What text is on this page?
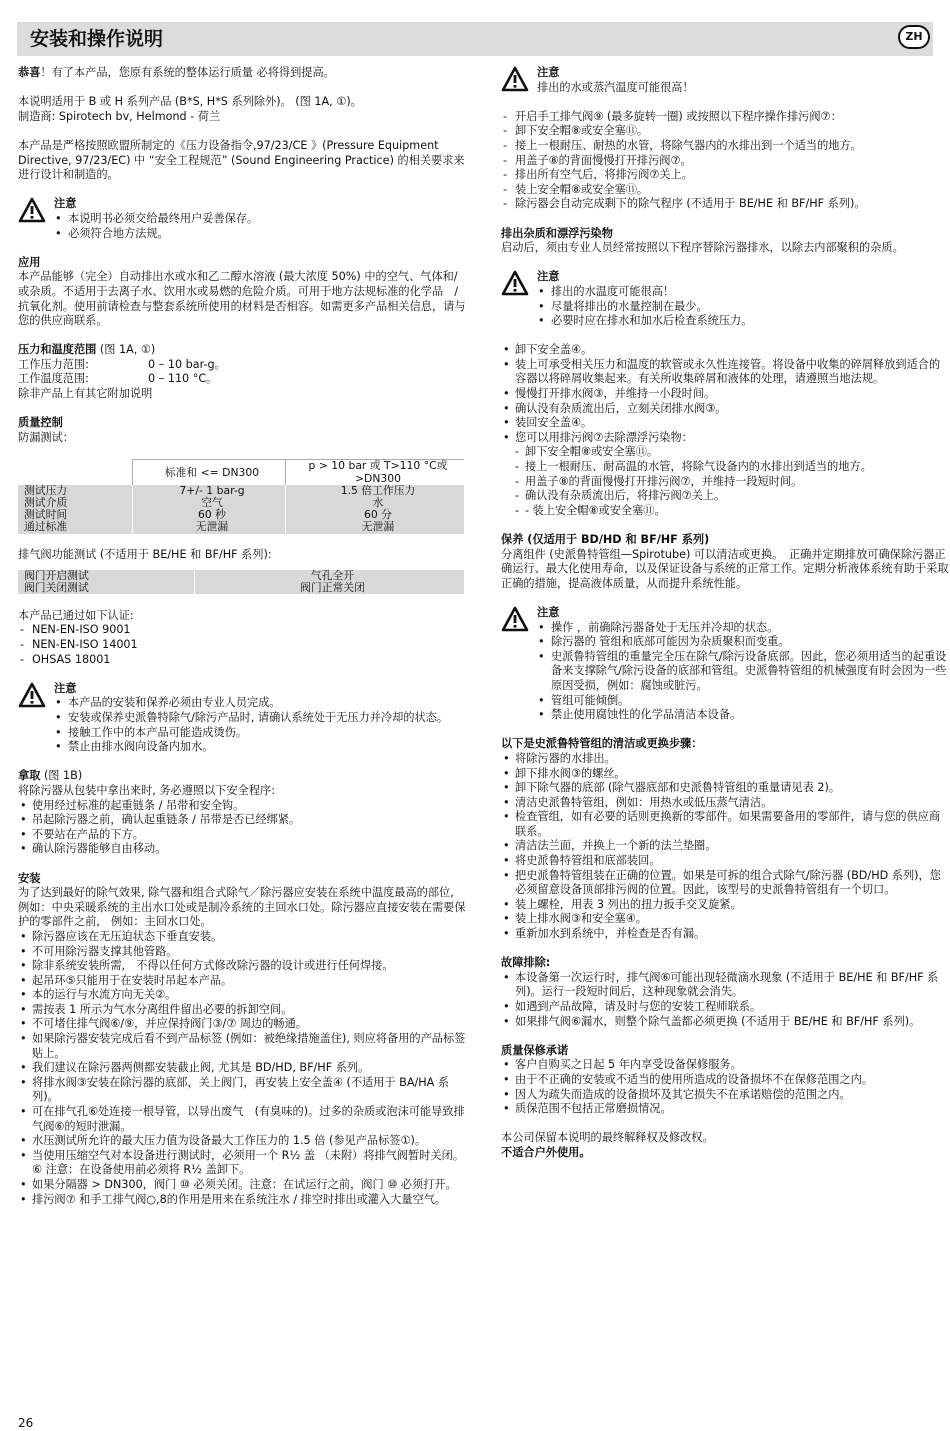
安装和操作说明	ZH

恭喜！有了本产品，您原有系统的整体运行质量 必将得到提高。

本说明适用于 B 或 H 系列产品 (B*S, H*S 系列除外)。 (图 1A, ①)。

制造商: Spirotech bv, Helmond - 荷兰

本产品是严格按照欧盟所制定的《压力设备指令,97/23/CE 》(Pressure Equipment Directive, 97/23/EC) 中 “安全工程规范” (Sound Engineering Practice) 的相关要求来进行设计和制造的。

注意

• 本说明书必须交给最终用户妥善保存。
• 必须符合地方法规。

应用

本产品能够（完全）自动排出水或水和乙二醇水溶液 (最大浓度 50%) 中的空气、气体和/或杂质。不适用于去离子水、饮用水或易燃的危险介质。可用于地方法规标准的化学品　/　抗氧化剂。使用前请检查与整套系统所使用的材料是否相容。如需更多产品相关信息，请与您的供应商联系。

压力和温度范围 (图 1A, ①)

工作压力范围:	0 – 10 bar-g。
工作温度范围:	0 – 110 °C。

除非产品上有其它附加说明

质量控制

防漏测试：

	标准和 <= DN300	p > 10 bar 或 T>110 °C或 >DN300
测试压力	7+/- 1 bar-g	1.5 倍工作压力
测试介质	空气	水
测试时间	60 秒	60 分
通过标准	无泄漏	无泄漏

排气阀功能测试 (不适用于 BE/HE 和 BF/HF 系列):

阀门开启测试	气孔全开
阀门关闭测试	阀门正常关闭

本产品已通过如下认证:

- NEN-EN-ISO 9001
- NEN-EN-ISO 14001
- OHSAS 18001

注意

• 本产品的安装和保养必须由专业人员完成。
• 安装或保养史派鲁特除气/除污产品时, 请确认系统处于无压力并冷却的状态。
• 接触工作中的本产品可能造成烫伤。
• 禁止由排水阀向设备内加水。

拿取 (图 1B)

将除污器从包装中拿出来时, 务必遵照以下安全程序:

• 使用经过标准的起重链条 / 吊带和安全钩。
• 吊起除污器之前，确认起重链条 / 吊带是否已经绑紧。
• 不要站在产品的下方。
• 确认除污器能够自由移动。

安装

为了达到最好的除气效果, 除气器和组合式除气／除污器应安装在系统中温度最高的部位,　例如：中央采暖系统的主出水口处或是制冷系统的主回水口处。除污器应直接安装在需要保护的零部件之前,　例如：主回水口处。

• 除污器应该在无压迫状态下垂直安装。
• 不可用除污器支撑其他管路。
• 除非系统安装所需,　不得以任何方式修改除污器的设计或进行任何焊接。
• 起吊环⑤只能用于在安装时吊起本产品。
• 本的运行与水流方向无关②。
• 需按表 1 所示为气水分离组件留出必要的拆卸空间。
• 不可堵住排气阀⑥/⑨，并应保持阀门③/⑦ 周边的畅通。
• 如果除污器安装完成后看不到产品标签 (例如：被绝缘措施盖住), 则应将备用的产品标签贴上。
• 我们建议在除污器两侧都安装截止阀, 尤其是 BD/HD, BF/HF 系列。
• 将排水阀③安装在除污器的底部，关上阀门，再安装上安全盖④ (不适用于 BA/HA 系列)。
• 可在排气孔⑥处连接一根导管，以导出废气　(有臭味的)。过多的杂质或泡沫可能导致排气阀⑥的短时泄漏。
• 水压测试所允许的最大压力值为设备最大工作压力的 1.5 倍 (参见产品标签①)。
• 当使用压缩空气对本设备进行测试时，必须用一个 R½ 盖 （未附）将排气阀暂时关闭。 ⑥ 注意：在设备使用前必须将 R½ 盖卸下。
• 如果分隔器 > DN300，阀门 ⑩ 必须关闭。注意：在试运行之前，阀门 ⑩ 必须打开。
• 排污阀⑦ 和手工排气阀○,8的作用是用来在系统注水 / 排空时排出或灌入大量空气。

注意

排出的水或蒸汽温度可能很高！

- 开启手工排气阀⑨ (最多旋转一圈) 或按照以下程序操作排污阀⑦：
- 卸下安全帽⑧或安全塞⑪。
- 接上一根耐压、耐热的水管，将除气器内的水排出到一个适当的地方。
- 用盖子⑧的背面慢慢打开排污阀⑦。
- 排出所有空气后，将排污阀⑦关上。
- 装上安全帽⑧或安全塞⑪。
- 除污器会自动完成剩下的除气程序 (不适用于 BE/HE 和 BF/HF 系列)。

排出杂质和漂浮污染物

启动后，须由专业人员经常按照以下程序替除污器排水，以除去内部聚积的杂质。

注意

• 排出的水温度可能很高！
• 尽量将排出的水量控制在最少。
• 必要时应在排水和加水后检查系统压力。
• 卸下安全盖④。
• 装上可承受相关压力和温度的软管或永久性连接管。将设备中收集的碎屑释放到适合的容器以将碎屑收集起来。有关所收集碎屑和液体的处理，请遵照当地法规。
• 慢慢打开排水阀③，并维持一小段时间。
• 确认没有杂质流出后，立刻关闭排水阀③。
• 装回安全盖④。
• 您可以用排污阀⑦去除漂浮污染物：
- 卸下安全帽⑧或安全塞⑪。
- 接上一根耐压、耐高温的水管，将除气设备内的水排出到适当的地方。
- 用盖子⑧的背面慢慢打开排污阀⑦，并维持一段短时间。
- 确认没有杂质流出后，将排污阀⑦关上。
- - 装上安全帽⑧或安全塞⑪。

保养 (仅适用于 BD/HD 和 BF/HF 系列)

分离组件 (史派鲁特管组—Spirotube) 可以清洁或更换。　正确并定期排放可确保除污器正确运行、最大化使用寿命，以及保证设备与系统的正常工作。定期分析液体系统有助于采取正确的措施，提高液体质量，从而提升系统性能。

注意

• 操作 ，前确除污器备处于无压并冷却的状态。
• 除污器的 管组和底部可能因为杂质聚积而变重。
• 史派鲁特管组的重量完全压在除气/除污设备底部。因此，您必须用适当的起重设备来支撑除气/除污设备的底部和管组。史派鲁特管组的机械强度有时会因为一些原因受损，例如：腐蚀或脏污。
• 管组可能倾倒。
• 禁止使用腐蚀性的化学品清洁本设备。

以下是史派鲁特管组的清洁或更换步骤：

• 将除污器的水排出。
• 卸下排水阀③的螺丝。
• 卸下除气器的底部 (除气器底部和史派鲁特管组的重量请见表 2)。
• 清洁史派鲁特管组，例如：用热水或低压蒸气清洁。
• 检查管组，如有必要的话则更换新的零部件。如果需要备用的零部件，请与您的供应商联系。
• 清洁法兰面，并换上一个新的法兰垫圈。
• 将史派鲁特管组和底部装回。
• 把史派鲁特管组装在正确的位置。如果是可拆的组合式除气/除污器 (BD/HD 系列)，您必须留意设备顶部排污阀的位置。因此，该型号的史派鲁特管组有一个切口。
• 装上螺栓，用表 3 列出的扭力扳手交叉旋紧。
• 装上排水阀③和安全塞④。
• 重新加水到系统中，并检查是否有漏。

故障排除:

• 本设备第一次运行时，排气阀⑥可能出现轻微滴水现象 (不适用于 BE/HE 和 BF/HF 系列)。运行一段短时间后，这种现象就会消失。
• 如遇到产品故障，请及时与您的安装工程师联系。
• 如果排气阀⑥漏水，则整个除气盖都必须更换 (不适用于 BE/HE 和 BF/HF 系列)。

质量保修承诺

• 客户自购买之日起 5 年内享受设备保修服务。
• 由于不正确的安装或不适当的使用所造成的设备损坏不在保修范围之内。
• 因人为疏失而造成的设备损坏及其它损失不在承诺赔偿的范围之内。
• 质保范围不包括正常磨损情况。

本公司保留本说明的最终解释权及修改权。

不适合户外使用。

26
